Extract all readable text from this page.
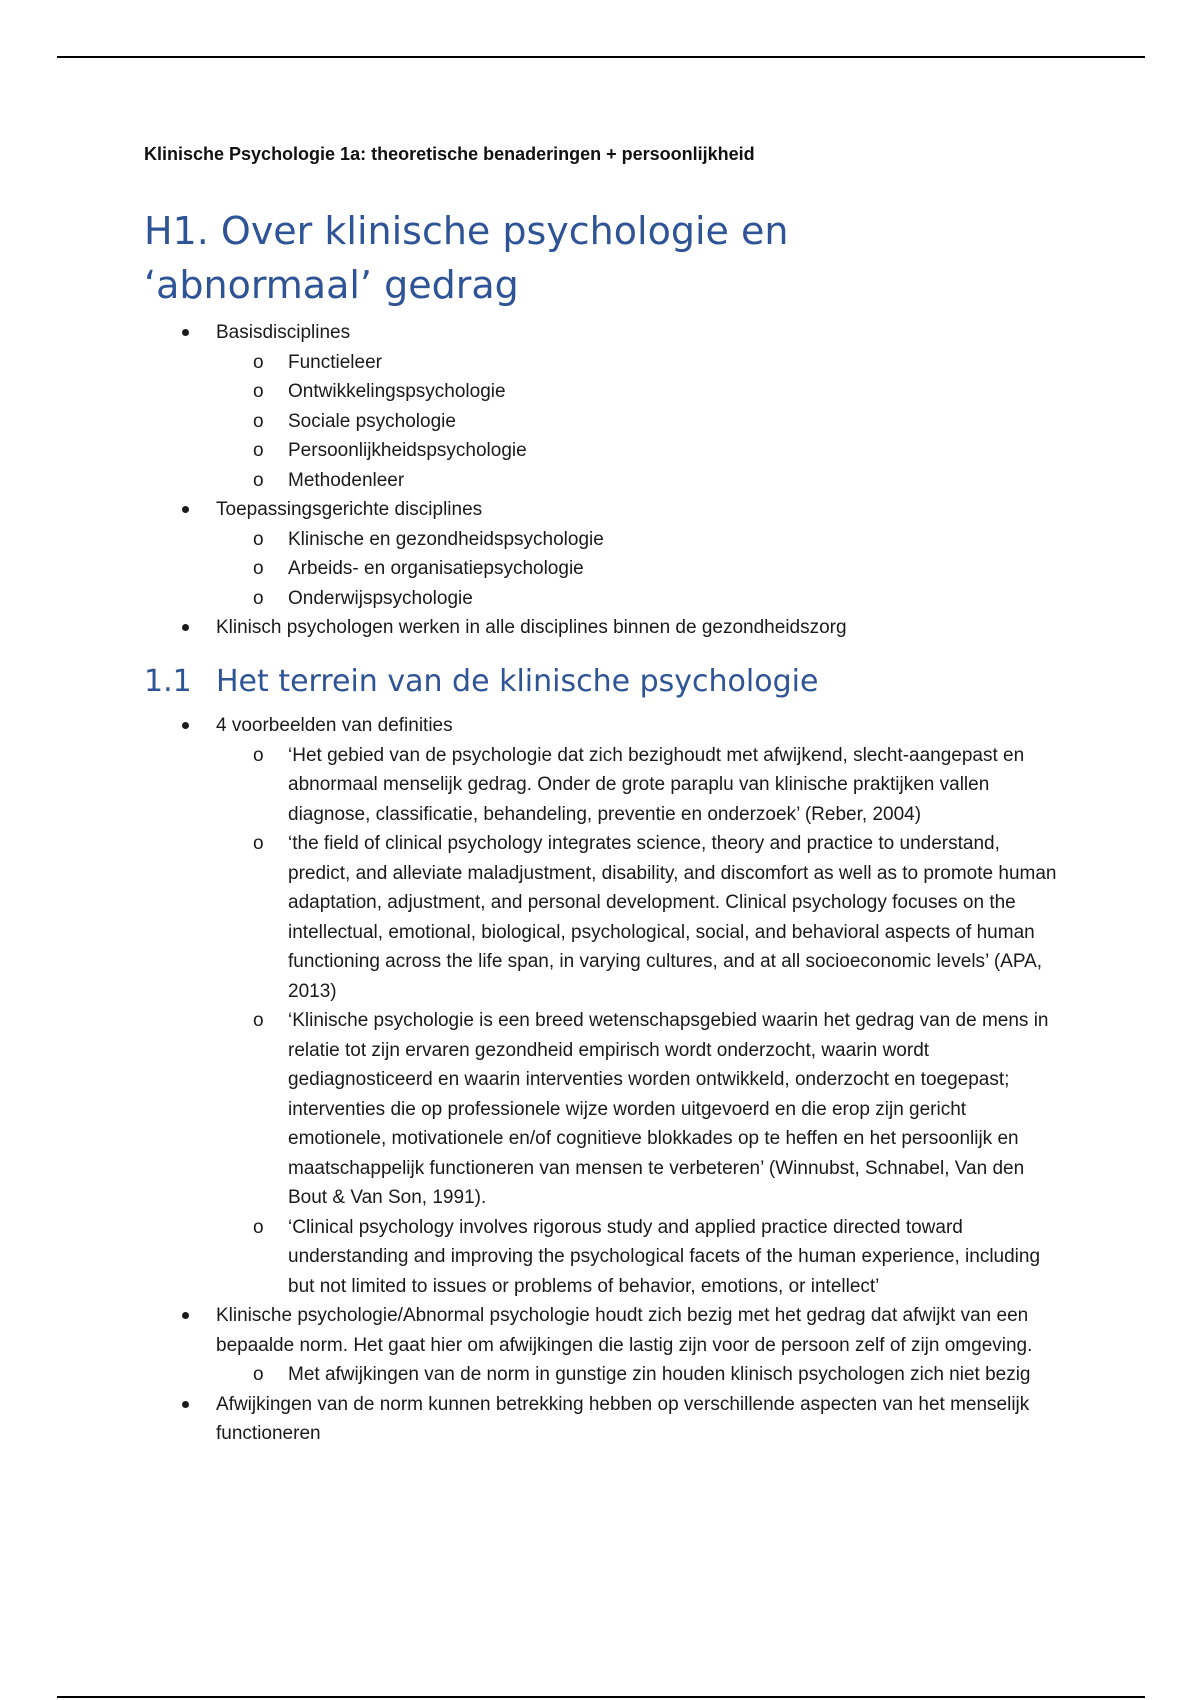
Klinische Psychologie 1a: theoretische benaderingen + persoonlijkheid

H1. Over klinische psychologie en ‘abnormaal’ gedrag
Basisdisciplines
o Functieleer
o Ontwikkelingspsychologie
o Sociale psychologie
o Persoonlijkheidspsychologie
o Methodenleer
Toepassingsgerichte disciplines
o Klinische en gezondheidspsychologie
o Arbeids- en organisatiepsychologie
o Onderwijspsychologie
Klinisch psychologen werken in alle disciplines binnen de gezondheidszorg
1.1 Het terrein van de klinische psychologie
4 voorbeelden van definities
o ‘Het gebied van de psychologie dat zich bezighoudt met afwijkend, slecht-aangepast en abnormaal menselijk gedrag. Onder de grote paraplu van klinische praktijken vallen diagnose, classificatie, behandeling, preventie en onderzoek’ (Reber, 2004)
o ‘the field of clinical psychology integrates science, theory and practice to understand, predict, and alleviate maladjustment, disability, and discomfort as well as to promote human adaptation, adjustment, and personal development. Clinical psychology focuses on the intellectual, emotional, biological, psychological, social, and behavioral aspects of human functioning across the life span, in varying cultures, and at all socioeconomic levels’ (APA, 2013)
o ‘Klinische psychologie is een breed wetenschapsgebied waarin het gedrag van de mens in relatie tot zijn ervaren gezondheid empirisch wordt onderzocht, waarin wordt gediagnosticeerd en waarin interventies worden ontwikkeld, onderzocht en toegepast; interventies die op professionele wijze worden uitgevoerd en die erop zijn gericht emotionele, motivationele en/of cognitieve blokkades op te heffen en het persoonlijk en maatschappelijk functioneren van mensen te verbeteren’ (Winnubst, Schnabel, Van den Bout & Van Son, 1991).
o ‘Clinical psychology involves rigorous study and applied practice directed toward understanding and improving the psychological facets of the human experience, including but not limited to issues or problems of behavior, emotions, or intellect’
Klinische psychologie/Abnormal psychologie houdt zich bezig met het gedrag dat afwijkt van een bepaalde norm. Het gaat hier om afwijkingen die lastig zijn voor de persoon zelf of zijn omgeving.
o Met afwijkingen van de norm in gunstige zin houden klinisch psychologen zich niet bezig
Afwijkingen van de norm kunnen betrekking hebben op verschillende aspecten van het menselijk functioneren
